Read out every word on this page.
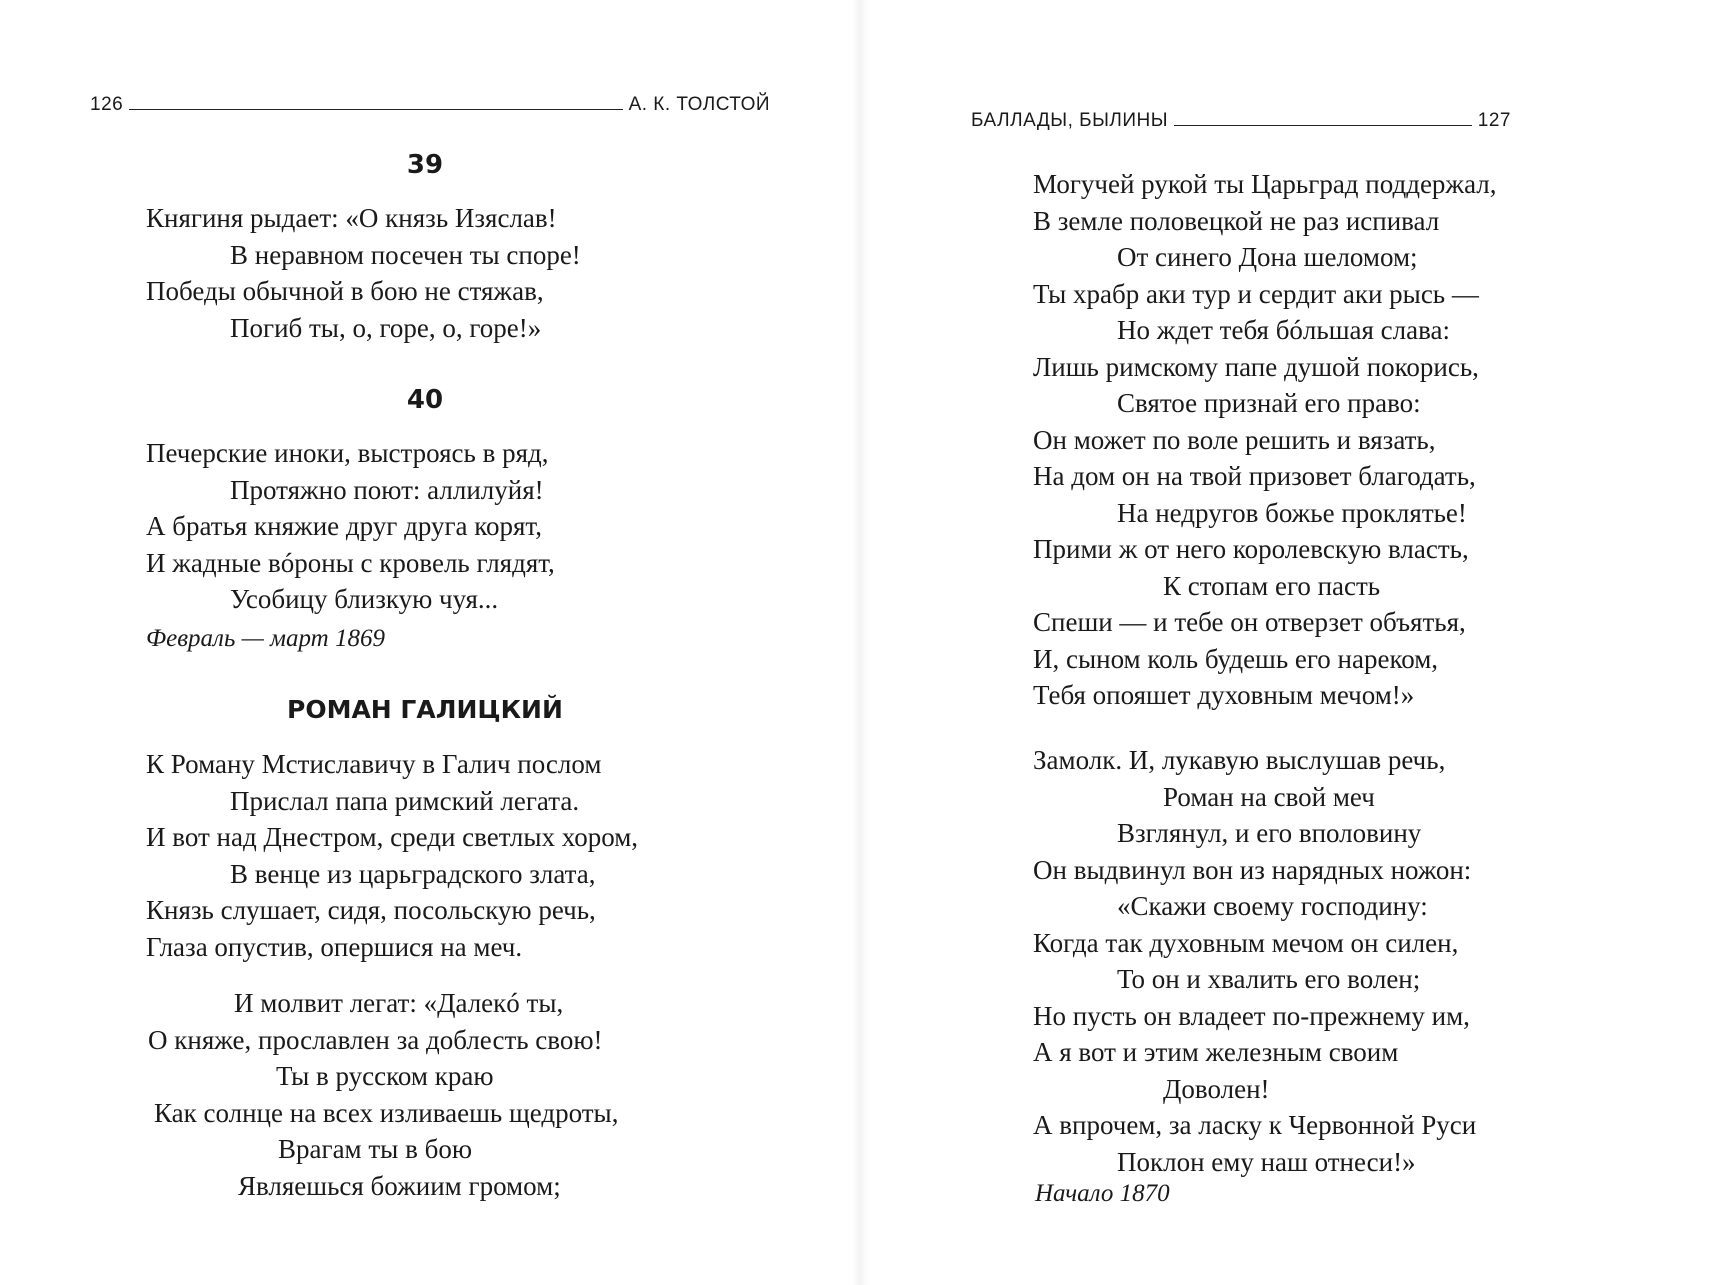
126	А. К. ТОЛСТОЙ
39
Княгиня рыдает: «О князь Изяслав!
В неравном посечен ты споре!
Победы обычной в бою не стяжав,
Погиб ты, о, горе, о, горе!»
40
Печерские иноки, выстроясь в ряд,
Протяжно поют: аллилуйя!
А братья княжие друг друга корят,
И жадные вóроны с кровель глядят,
Усобицу близкую чуя...
Февраль — март 1869
РОМАН ГАЛИЦКИЙ
К Роману Мстиславичу в Галич послом
Прислал папа римский легата.
И вот над Днестром, среди светлых хором,
В венце из царьградского злата,
Князь слушает, сидя, посольскую речь,
Глаза опустив, опершися на меч.
И молвит легат: «Далекó ты,
О княже, прославлен за доблесть свою!
Ты в русском краю
Как солнце на всех изливаешь щедроты,
Врагам ты в бою
Являешься божиим громом;
БАЛЛАДЫ, БЫЛИНЫ	127
Могучей рукой ты Царьград поддержал,
В земле половецкой не раз испивал
От синего Дона шеломом;
Ты храбр аки тур и сердит аки рысь —
Но ждет тебя бóльшая слава:
Лишь римскому папе душой покорись,
Святое признай его право:
Он может по воле решить и вязать,
На дом он на твой призовет благодать,
На недругов божье проклятье!
Прими ж от него королевскую власть,
К стопам его пасть
Спеши — и тебе он отверзет объятья,
И, сыном коль будешь его нареком,
Тебя опояшет духовным мечом!»
Замолк. И, лукавую выслушав речь,
Роман на свой меч
Взглянул, и его вполовину
Он выдвинул вон из нарядных ножон:
«Скажи своему господину:
Когда так духовным мечом он силен,
То он и хвалить его волен;
Но пусть он владеет по-прежнему им,
А я вот и этим железным своим
Доволен!
А впрочем, за ласку к Червонной Руси
Поклон ему наш отнеси!»
Начало 1870
